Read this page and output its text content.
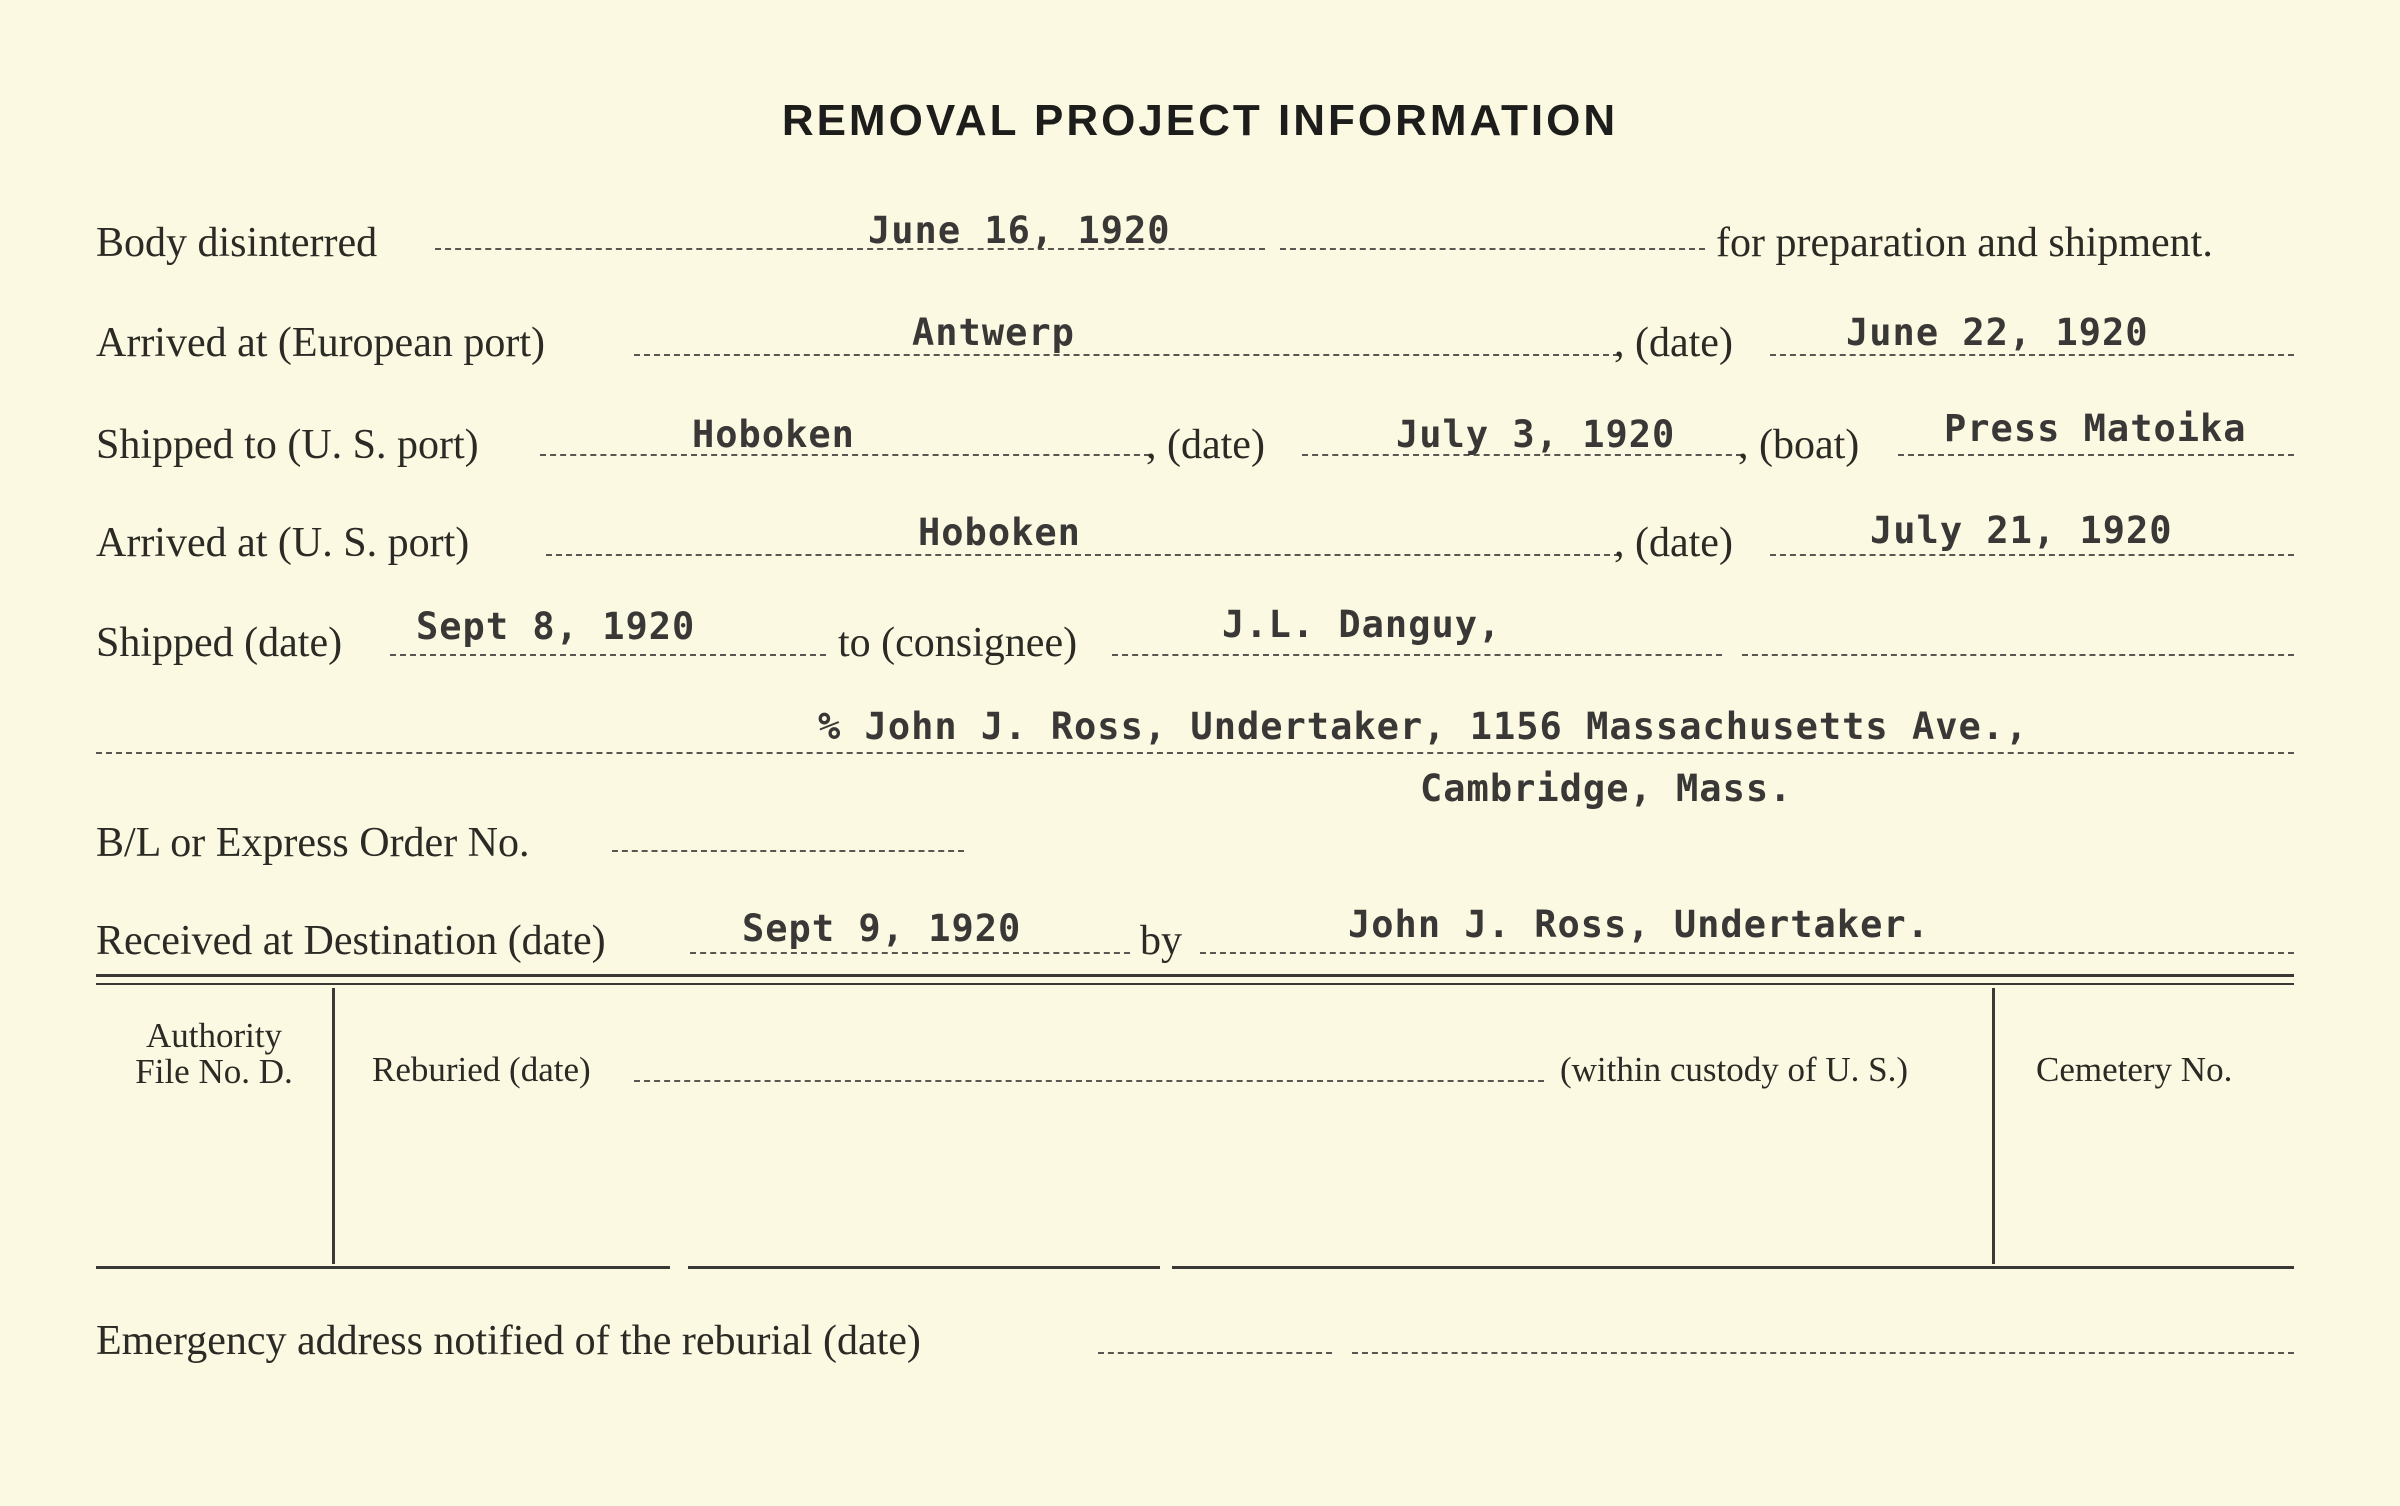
REMOVAL PROJECT INFORMATION
Body disinterred	June 16, 1920	for preparation and shipment.
Arrived at (European port)	Antwerp	, (date)	June 22, 1920
Shipped to (U. S. port)	Hoboken	, (date)	July 3, 1920 , (boat) Press Matoika
Arrived at (U. S. port)	Hoboken	, (date)	July 21, 1920
Shipped (date) Sept 8, 1920	to (consignee)	J.L. Danguy,
% John J. Ross, Undertaker, 1156 Massachusetts Ave.,
Cambridge, Mass.
B/L or Express Order No.
Received at Destination (date)	Sept 9, 1920	by	John J. Ross, Undertaker.
Authority
File No. D.	Reburied (date)	(within custody of U. S.)	Cemetery No.
Emergency address notified of the reburial (date)
